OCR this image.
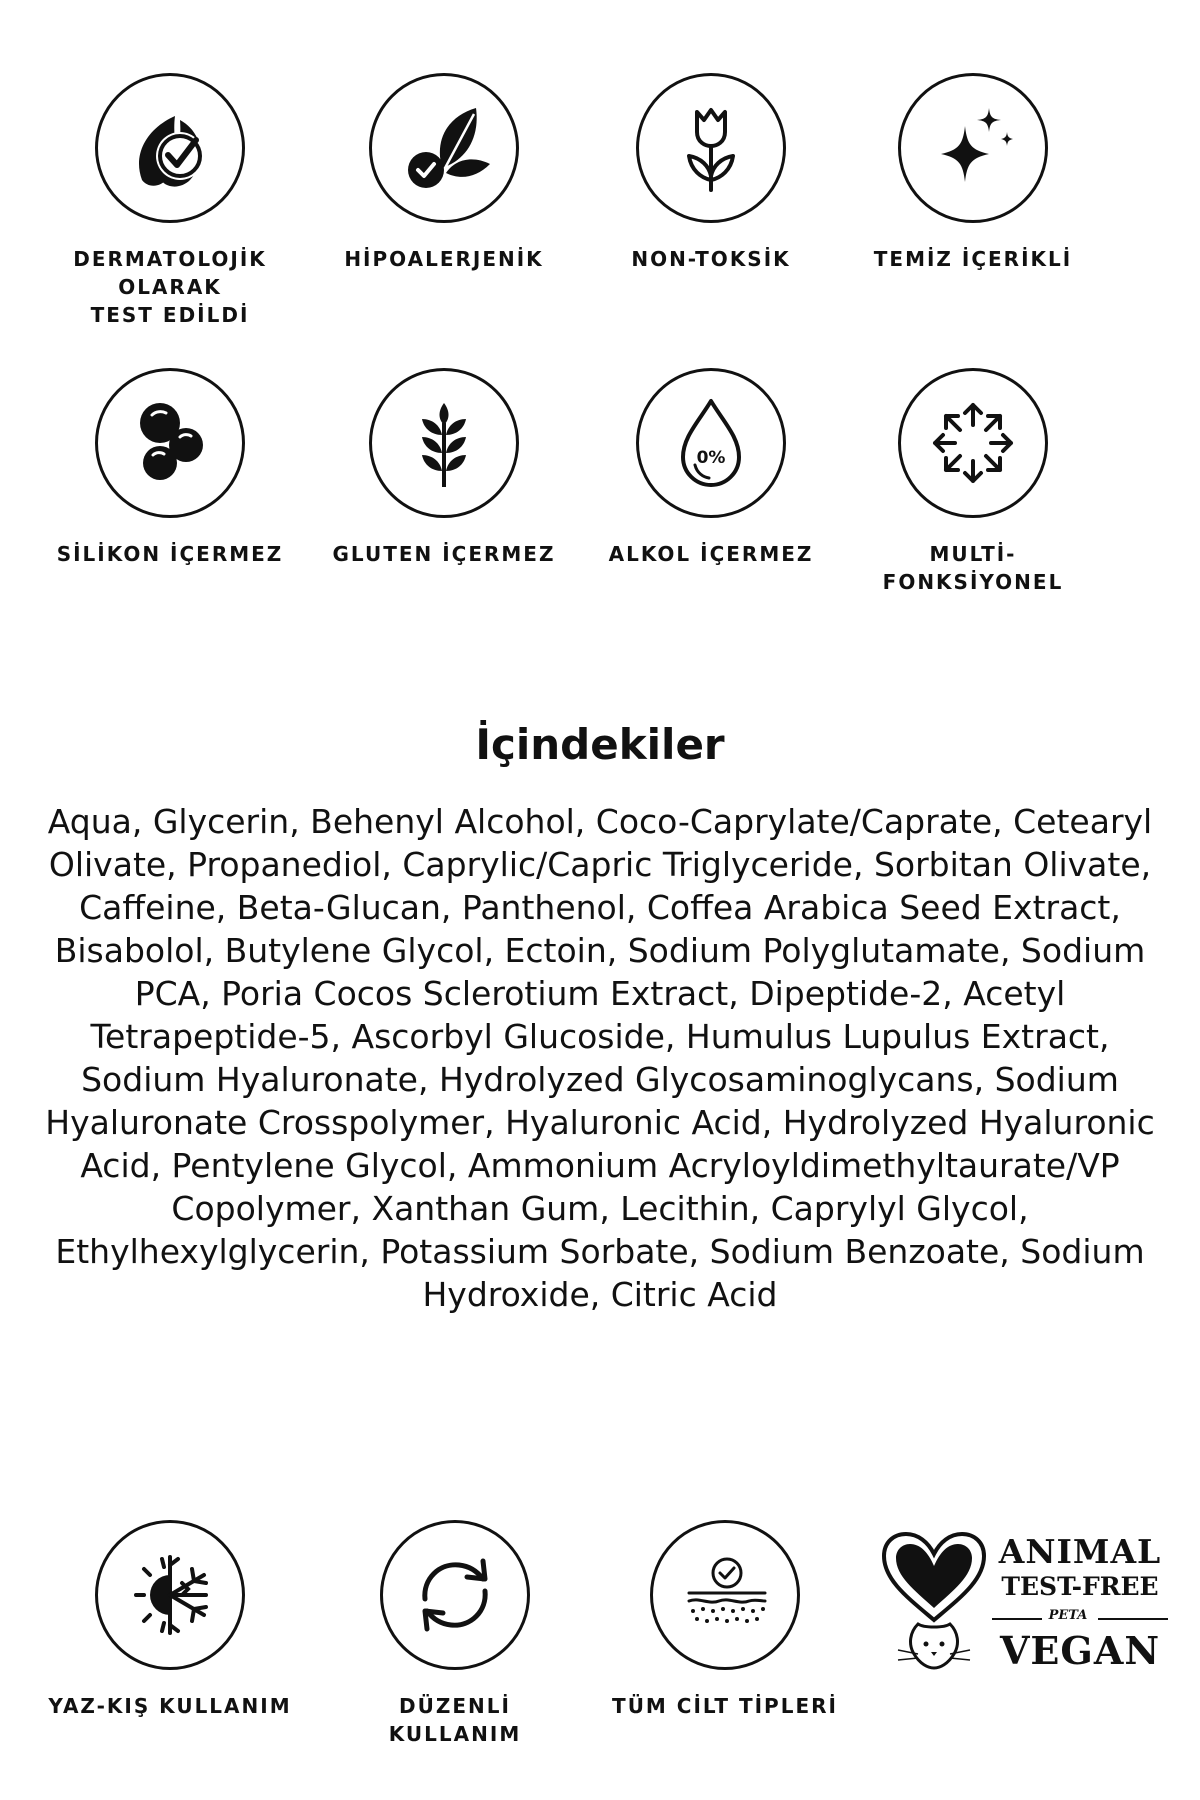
DERMATOLOJİK OLARAK
TEST EDİLDİ
HİPOALERJENİK	NON-TOKSİK	TEMİZ İÇERİKLİ
SİLİKON İÇERMEZ GLUTEN İÇERMEZ
0%
ALKOL İÇERMEZ	MULTİ-FONKSİYONEL
İçindekiler

Aqua, Glycerin, Behenyl Alcohol, Coco-Caprylate/Caprate, Cetearyl Olivate, Propanediol, Caprylic/Capric Triglyceride, Sorbitan Olivate, Caffeine, Beta-Glucan, Panthenol, Coffea Arabica Seed Extract, Bisabolol, Butylene Glycol, Ectoin, Sodium Polyglutamate, Sodium PCA, Poria Cocos Sclerotium Extract, Dipeptide-2, Acetyl Tetrapeptide-5, Ascorbyl Glucoside, Humulus Lupulus Extract, Sodium Hyaluronate, Hydrolyzed Glycosaminoglycans, Sodium Hyaluronate Crosspolymer, Hyaluronic Acid, Hydrolyzed Hyaluronic Acid, Pentylene Glycol, Ammonium Acryloyldimethyltaurate/VP Copolymer, Xanthan Gum, Lecithin, Caprylyl Glycol, Ethylhexylglycerin, Potassium Sorbate, Sodium Benzoate, Sodium Hydroxide, Citric Acid

YAZ-KIŞ KULLANIM	DÜZENLİ KULLANIM
TÜM CİLT TİPLERİ
ANIMAL
TEST-FREE
PETA
VEGAN
